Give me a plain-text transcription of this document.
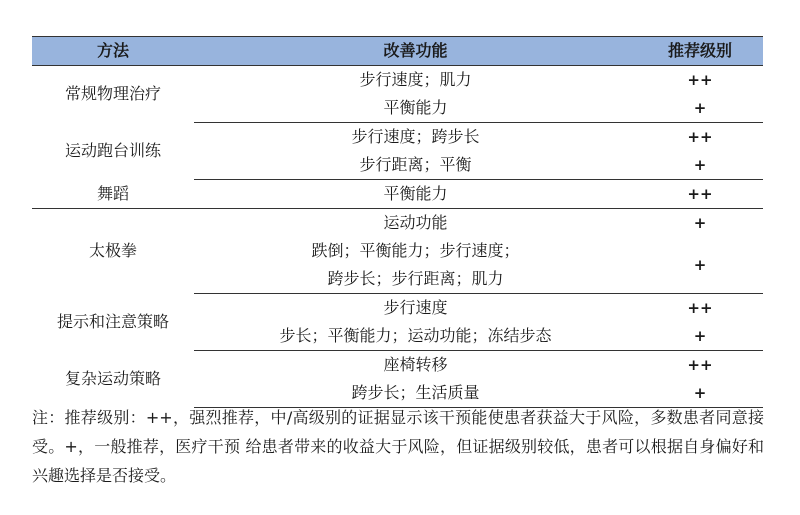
方法	改善功能	推荐级别
常规物理治疗	步行速度；肌力	++
	平衡能力	+
运动跑台训练	步行速度；跨步长	++
	步行距离；平衡	+
舞蹈	平衡能力	++
太极拳	运动功能	+

	跌倒；平衡能力；步行速度；
跨步长；步行距离；肌力	+
提示和注意策略	步行速度	++
	步长；平衡能力；运动功能；冻结步态	+
复杂运动策略	座椅转移	++
	跨步长；生活质量	+

注：推荐级别：++，强烈推荐，中/高级别的证据显示该干预能使患者获益大于风险，多数患者同意接受。+，一般推荐，医疗干预 给患者带来的收益大于风险，但证据级别较低，患者可以根据自身偏好和兴趣选择是否接受。
